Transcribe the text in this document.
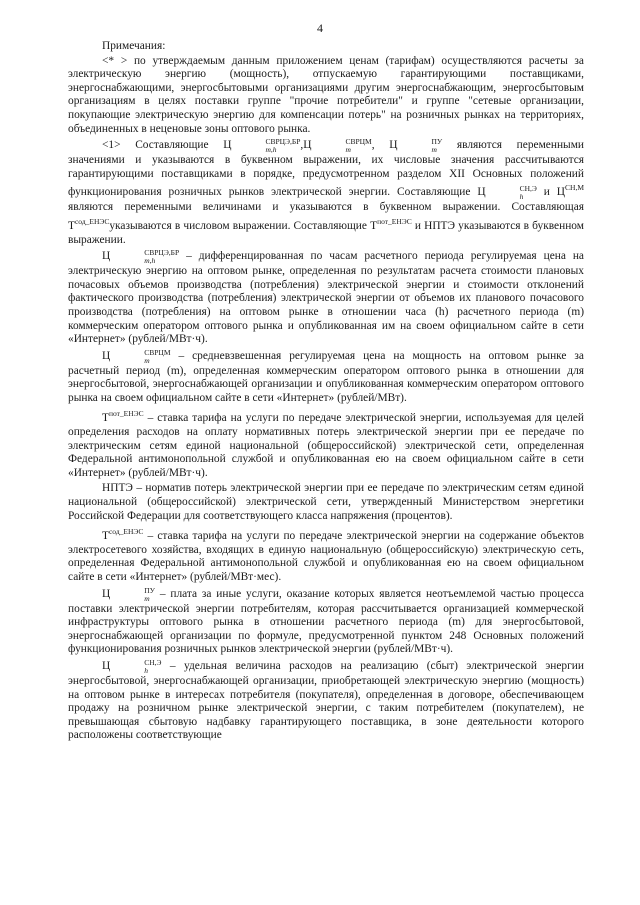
4
Примечания:

<* > по утверждаемым данным приложением ценам (тарифам) осуществляются расчеты за электрическую энергию (мощность), отпускаемую гарантирующими поставщиками, энергоснабжающими, энергосбытовыми организациями другим энергоснабжающим, энергосбытовым организациям в целях поставки группе "прочие потребители" и группе "сетевые организации, покупающие электрическую энергию для компенсации потерь" на розничных рынках на территориях, объединенных в неценовые зоны оптового рынка.

<1> Составляющие Ц	СВРЦЭ,БР
m,h	,Ц	СВРЦМ
m	, Ц	ПУ
m	являются переменными значениями и указываются в буквенном выражении, их числовые значения рассчитываются гарантирующими поставщиками в порядке, предусмотренном разделом XII Основных положений функционирования розничных рынков электрической энергии. Составляющие Ц	СН,Э
h	и $Ц^{СН,М}$ являются переменными величинами и указываются в буквенном выражении. Составляющая $Т^{сод\_ЕНЭС}указываются$ в числовом выражении. Составляющие $Т^{пот\_ЕНЭС}$ и НПТЭ указываются в буквенном выражении.

Ц	СВРЦЭ,БР
m,h	– дифференцированная по часам расчетного периода регулируемая цена на электрическую энергию на оптовом рынке, определенная по результатам расчета стоимости плановых почасовых объемов производства (потребления) электрической энергии и стоимости отклонений фактического производства (потребления) электрической энергии от объемов их планового почасового производства (потребления) на оптовом рынке в отношении часа (h) расчетного периода (m) коммерческим оператором оптового рынка и опубликованная им на своем официальном сайте в сети «Интернет» (рублей/МВт·ч).

Ц	СВРЦМ
m	– средневзвешенная регулируемая цена на мощность на оптовом рынке за расчетный период (m), определенная коммерческим оператором оптового рынка в отношении для энергосбытовой, энергоснабжающей организации и опубликованная коммерческим оператором оптового рынка на своем официальном сайте в сети «Интернет» (рублей/МВт).

$Т^{пот\_ЕНЭС}$ – ставка тарифа на услуги по передаче электрической энергии, используемая для целей определения расходов на оплату нормативных потерь электрической энергии при ее передаче по электрическим сетям единой национальной (общероссийской) электрической сети, определенная Федеральной антимонопольной службой и опубликованная ею на своем официальном сайте в сети «Интернет» (рублей/МВт·ч).

НПТЭ – норматив потерь электрической энергии при ее передаче по электрическим сетям единой национальной (общероссийской) электрической сети, утвержденный Министерством энергетики Российской Федерации для соответствующего класса напряжения (процентов).

$Т^{сод\_ЕНЭС}$ – ставка тарифа на услуги по передаче электрической энергии на содержание объектов электросетевого хозяйства, входящих в единую национальную (общероссийскую) электрическую сеть, определенная Федеральной антимонопольной службой и опубликованная ею на своем официальном сайте в сети «Интернет» (рублей/МВт·мес).

Ц	ПУ
m – плата за иные услуги, оказание которых является неотъемлемой частью процесса поставки электрической энергии потребителям, которая рассчитывается организацией коммерческой инфраструктуры оптового рынка в отношении расчетного периода (m) для энергосбытовой, энергоснабжающей организации по формуле, предусмотренной пунктом 248 Основных положений функционирования розничных рынков электрической энергии (рублей/МВт·ч).

Ц	СН,Э
h	– удельная величина расходов на реализацию (сбыт) электрической энергии энергосбытовой, энергоснабжающей организации, приобретающей электрическую энергию (мощность) на оптовом рынке в интересах потребителя (покупателя), определенная в договоре, обеспечивающем продажу на розничном рынке электрической энергии, с таким потребителем (покупателем), не превышающая сбытовую надбавку гарантирующего поставщика, в зоне деятельности которого расположены соответствующие
